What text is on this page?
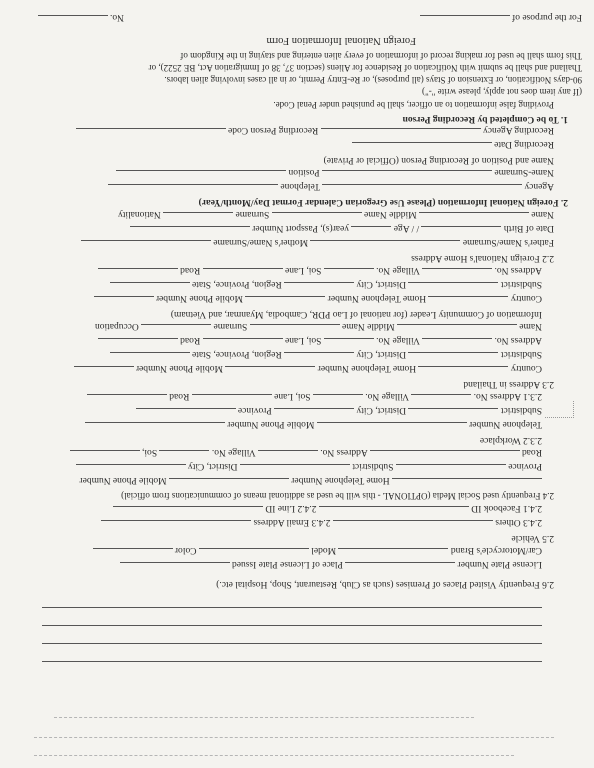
For the purpose of
No.
Foreign National Information Form
This form shall be used for making record of information of every alien entering and staying in the Kingdom of
Thailand and shall be submit with Notification of Residence for Aliens (section 37, 38 of Immigration Act, BE 2522), or
90-days Notification, or Extension of Stays (all purposes), or Re-Entry Permit, or in all cases involving alien labors.
(If any item does not apply, please write "-")
Providing false information to an officer, shall be punished under Penal Code.
1. To be Completed by Recording Person
Recording Agency  Recording Person Code
Recording Date
Name and Position of Recording Person (Official or Private)
Name-Surname  Position
Agency  Telephone
2. Foreign National Information (Please Use Gregorian Calendar Format Day/Month/Year)
Name  Middle Name  Surname  Nationality
Date of Birth  / / Age  year(s), Passport Number
Father's Name/Surname  Mother's Name/Surname
2.2 Foreign National's Home Address
Address No.  Village No.  Soi, Lane  Road
Subdistrict  District, City  Region, Province, State
Country  Home Telephone Number  Mobile Phone Number
Information of Community Leader (for national of Lao PDR, Cambodia, Myanmar, and Vietnam)
Name  Middle Name  Surname  Occupation
Address No.  Village No.  Soi, Lane  Road
Subdistrict  District, City  Region, Province, State
Country  Home Telephone Number  Mobile Phone Number
2.3 Address in Thailand
2.3.1 Address No.  Village No.  Soi, Lane  Road
Subdistrict  District, City  Province
Telephone Number  Mobile Phone Number
2.3.2 Workplace
Road  Address No.  Village No.  Soi,
Province  Subdistrict  District, City
Home Telephone Number  Mobile Phone Number
2.4 Frequently used Social Media (OPTIONAL - this will be used as additional means of communications from official)
2.4.1 Facebook ID  2.4.2 Line ID
2.4.3 Others  2.4.3 Email Address
2.5 Vehicle
Car/Motorcycle's Brand  Model  Color
License Plate Number  Place of License Plate Issued
2.6 Frequently Visited Places of Premises (such as Club, Restaurant, Shop, Hospital etc.)
